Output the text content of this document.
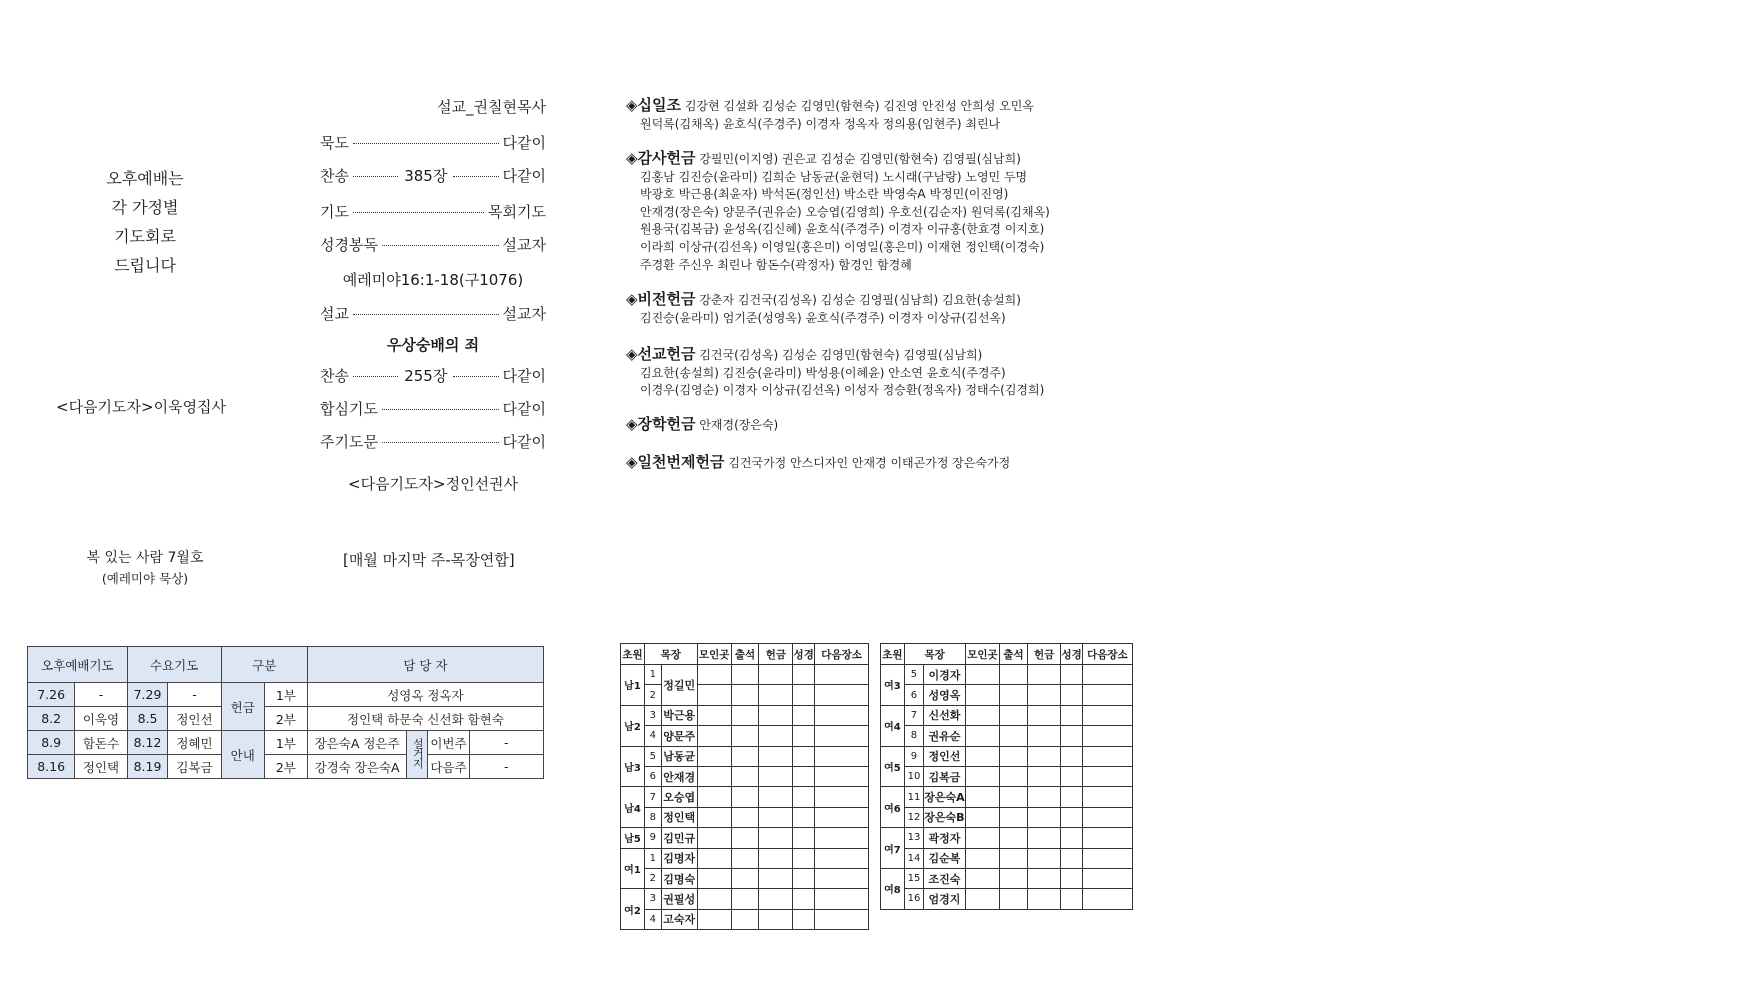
오후예배는
각 가정별
기도회로
드립니다
<다음기도자>이욱영집사
복 있는 사람 7월호
(예레미야 묵상)
설교_권칠현목사
묵도	다같이
찬송	385장	다같이
기도	목회기도
성경봉독	설교자
예레미야16:1-18(구1076)
설교	설교자
우상숭배의 죄
찬송	255장	다같이
합심기도	다같이
주기도문	다같이
<다음기도자>정인선권사
[매월 마지막 주-목장연합]
◈십일조 김강현 김설화 김성순 김영민(함현숙) 김진영 안진성 안희성 오민옥
원덕록(김채옥) 윤호식(주경주) 이경자 정옥자 정의용(임현주) 최린나
◈감사헌금 강필민(이지영) 권은교 김성순 김영민(함현숙) 김영필(심남희)
김홍남 김진승(윤라미) 김희순 남동균(윤현덕) 노시래(구남랑) 노영민 두명
박광호 박근용(최윤자) 박석돈(정인선) 박소란 박영숙A 박정민(이진영)
안재경(장은숙) 양문주(권유순) 오승엽(김영희) 우호선(김순자) 원덕록(김채옥)
원용국(김복금) 윤성옥(김신혜) 윤호식(주경주) 이경자 이규홍(한효경 이지호)
이라희 이상규(김선옥) 이영일(홍은미) 이영일(홍은미) 이재현 정인택(이경숙)
주경환 주신우 최린나 함돈수(곽정자) 함경인 함경혜
◈비전헌금 강춘자 김건국(김성옥) 김성순 김영필(심남희) 김요한(송설희)
김진승(윤라미) 엄기준(성영옥) 윤호식(주경주) 이경자 이상규(김선옥)
◈선교헌금 김건국(김성옥) 김성순 김영민(함현숙) 김영필(심남희)
김요한(송설희) 김진승(윤라미) 박성용(이혜윤) 안소연 윤호식(주경주)
이경우(김영순) 이경자 이상규(김선옥) 이성자 정승환(정옥자) 정태수(김경희)
◈장학헌금 안재경(장은숙)
◈일천번제헌금 김건국가정 안스디자인 안재경 이태곤가정 장은숙가정
오후예배기도		수요기도		구분		담 당 자			
7.26	-	7.29	-	헌금	1부	성영옥 정옥자			
8.2	이욱영	8.5	정인선		2부	정인택 하문숙 신선화 함현숙			
8.9	함돈수	8.12	정혜민	안내	1부	장은숙A 정은주	설거지	이번주	-
8.16	정인택	8.19	김복금		2부	강경숙 장은숙A		다음주	-
초원	목장		모인곳	출석	헌금	성경	다음장소
남1	1	정길민					
	2						
남2	3	박근용					
	4	양문주					
남3	5	남동균					
	6	안재경					
남4	7	오승엽					
	8	정인택					
남5	9	김민규					
여1	1	김명자					
	2	김명숙					
여2	3	권필성					
	4	고숙자					
초원	목장		모인곳	출석	헌금	성경	다음장소
여3	5	이경자					
	6	성영옥					
여4	7	신선화					
	8	권유순					
여5	9	정인선					
	10	김복금					
여6	11	장은숙A					
	12	장은숙B					
여7	13	곽정자					
	14	김순복					
여8	15	조진숙					
	16	엄경지					
